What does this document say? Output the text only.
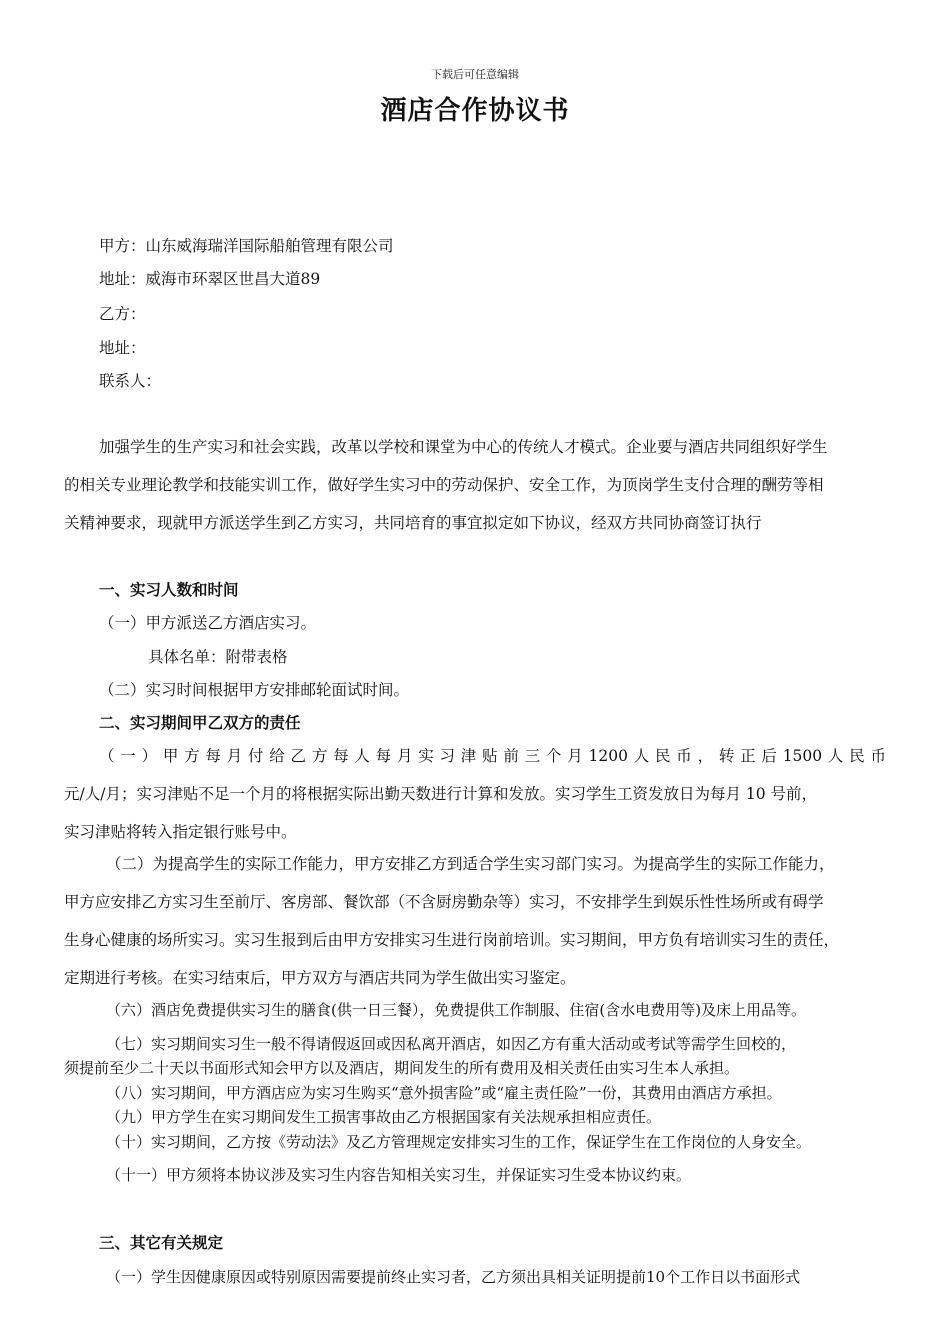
下载后可任意编辑
酒店合作协议书
甲方：山东威海瑞洋国际船舶管理有限公司
地址：威海市环翠区世昌大道89
乙方：
地址：
联系人：
加强学生的生产实习和社会实践，改革以学校和课堂为中心的传统人才模式。企业要与酒店共同组织好学生
的相关专业理论教学和技能实训工作，做好学生实习中的劳动保护、安全工作，为顶岗学生支付合理的酬劳等相
关精神要求，现就甲方派送学生到乙方实习，共同培育的事宜拟定如下协议，经双方共同协商签订执行
一、实习人数和时间
（一）甲方派送乙方酒店实习。
具体名单：附带表格
（二）实习时间根据甲方安排邮轮面试时间。
二、实习期间甲乙双方的责任
（一）甲方每月付给乙方每人每月实习津贴前三个月1200人民币，转正后1500人民币
元/人/月；实习津贴不足一个月的将根据实际出勤天数进行计算和发放。实习学生工资发放日为每月 10 号前，
实习津贴将转入指定银行账号中。
（二）为提高学生的实际工作能力，甲方安排乙方到适合学生实习部门实习。为提高学生的实际工作能力，
甲方应安排乙方实习生至前厅、客房部、餐饮部（不含厨房勤杂等）实习，不安排学生到娱乐性性场所或有碍学
生身心健康的场所实习。实习生报到后由甲方安排实习生进行岗前培训。实习期间，甲方负有培训实习生的责任，
定期进行考核。在实习结束后，甲方双方与酒店共同为学生做出实习鉴定。
（六）酒店免费提供实习生的膳食(供一日三餐），免费提供工作制服、住宿(含水电费用等)及床上用品等。
（七）实习期间实习生一般不得请假返回或因私离开酒店，如因乙方有重大活动或考试等需学生回校的，
须提前至少二十天以书面形式知会甲方以及酒店，期间发生的所有费用及相关责任由实习生本人承担。
（八）实习期间，甲方酒店应为实习生购买“意外损害险”或“雇主责任险”一份，其费用由酒店方承担。
（九）甲方学生在实习期间发生工损害事故由乙方根据国家有关法规承担相应责任。
（十）实习期间，乙方按《劳动法》及乙方管理规定安排实习生的工作，保证学生在工作岗位的人身安全。
（十一）甲方须将本协议涉及实习生内容告知相关实习生，并保证实习生受本协议约束。
三、其它有关规定
（一）学生因健康原因或特别原因需要提前终止实习者，乙方须出具相关证明提前10个工作日以书面形式
